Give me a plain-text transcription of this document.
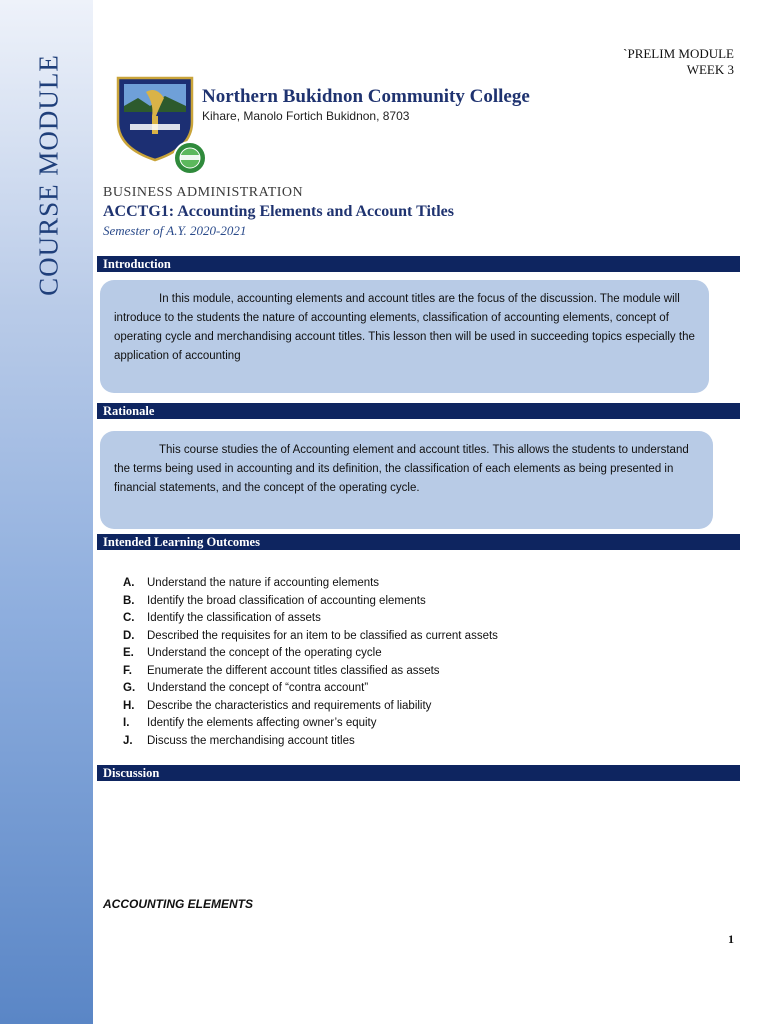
COURSE MODULE
`PRELIM MODULE
WEEK 3
Northern Bukidnon Community College
Kihare, Manolo Fortich Bukidnon, 8703
BUSINESS ADMINISTRATION
ACCTG1: Accounting Elements and Account Titles
Semester of A.Y. 2020-2021
Introduction

In this module, accounting elements and account titles are the focus of the discussion. The module will introduce to the students the nature of accounting elements, classification of accounting elements, concept of operating cycle and merchandising account titles. This lesson then will be used in succeeding topics especially the application of accounting

Rationale

This course studies the of Accounting element and account titles. This allows the students to understand the terms being used in accounting and its definition, the classification of each elements as being presented in financial statements, and the concept of the operating cycle.

Intended Learning Outcomes
A.	Understand the nature if accounting elements
B.	Identify the broad classification of accounting elements
C.	Identify the classification of assets
D.	Described the requisites for an item to be classified as current assets
E.	Understand the concept of the operating cycle
F.	Enumerate the different account titles classified as assets
G.	Understand the concept of “contra account”
H.	Describe the characteristics and requirements of liability
I.	Identify the elements affecting owner’s equity
J.	Discuss the merchandising account titles
Discussion
ACCOUNTING ELEMENTS
1
